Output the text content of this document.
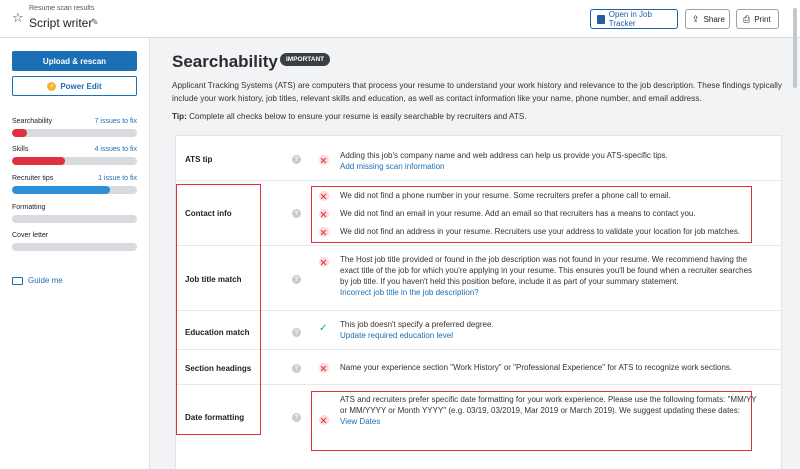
☆
Resume scan results
Script writer
✎
Open in Job Tracker	⇪ Share ⎙ Print
Upload & rescan
⚡ Power Edit
Searchability	7 issues to fix
Skills	4 issues to fix
Recruiter tips	1 issue to fix
Formatting
Cover letter
Guide me
Searchability	IMPORTANT
Applicant Tracking Systems (ATS) are computers that process your resume to understand your work history and relevance to the job description. These findings typically include your work history, job titles, relevant skills and education, as well as contact information like your name, phone number, and email address.
Tip: Complete all checks below to ensure your resume is easily searchable by recruiters and ATS.
ATS tip	?	Adding this job's company name and web address can help us provide you ATS-specific tips.
Add missing scan information
Contact info	?
We did not find a phone number in your resume. Some recruiters prefer a phone call to email.
We did not find an email in your resume. Add an email so that recruiters has a means to contact you.
We did not find an address in your resume. Recruiters use your address to validate your location for job matches.
Job title match	?
The Host job title provided or found in the job description was not found in your resume. We recommend having the exact title of the job for which you're applying in your resume. This ensures you'll be found when a recruiter searches by job title. If you haven't held this position before, include it as part of your summary statement.
Incorrect job title in the job description?
Education match	? ✓ This job doesn't specify a preferred degree.
Update required education level
Section headings	?	Name your experience section "Work History" or "Professional Experience" for ATS to recognize work sections.
Date formatting	?
ATS and recruiters prefer specific date formatting for your work experience. Please use the following formats: "MM/YY or MM/YYYY or Month YYYY" (e.g. 03/19, 03/2019, Mar 2019 or March 2019). We suggest updating these dates:
View Dates
